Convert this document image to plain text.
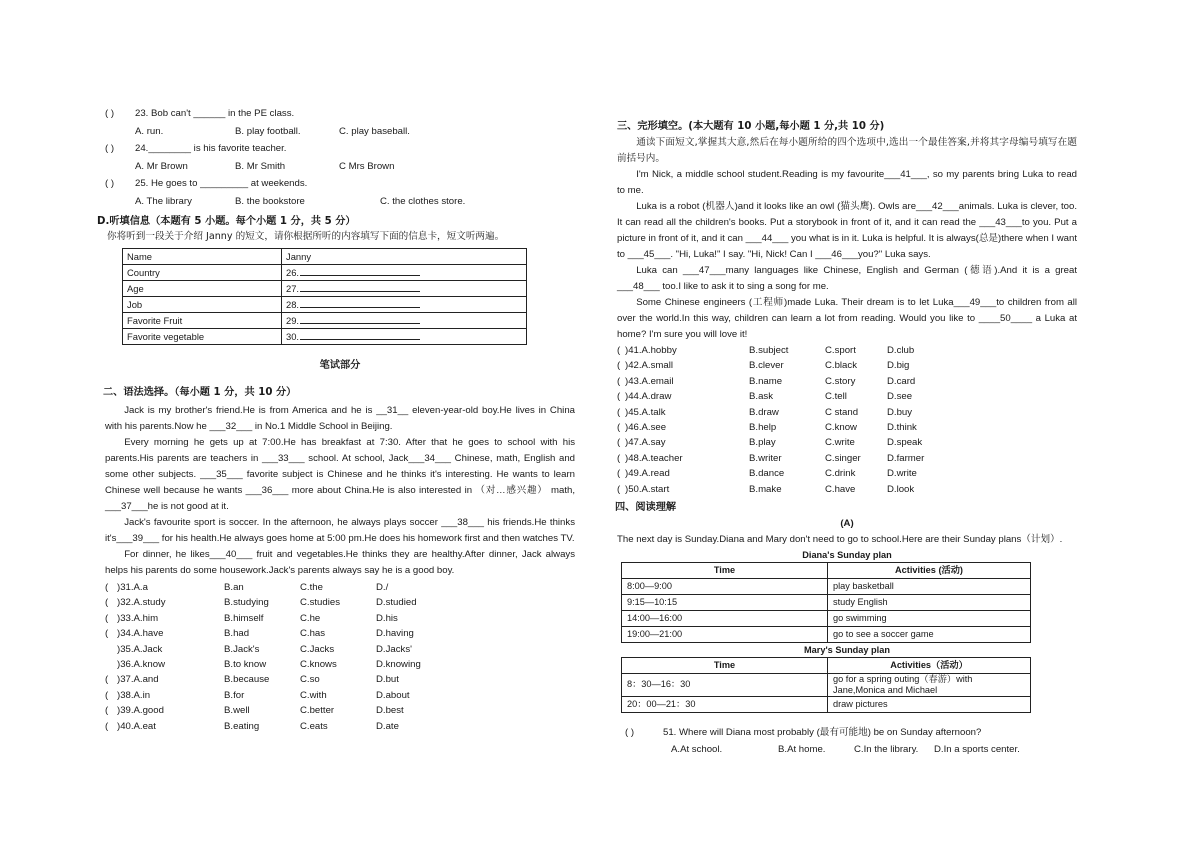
( )	23. Bob can't ______ in the PE class.
A. run.	B. play football.	C. play baseball.
( )	24.________ is his favorite teacher.
A. Mr Brown	B. Mr Smith	C Mrs Brown
( )	25. He goes to _________ at weekends.
A. The library	B. the bookstore	C. the clothes store.
D.听填信息（本题有 5 小题。每个小题 1 分，共 5 分）
你将听到一段关于介绍 Janny 的短文，请你根据所听的内容填写下面的信息卡，短文听两遍。
Name	Janny
Country	26.
Age	27.
Job	28.
Favorite Fruit	29.
Favorite vegetable	30.
笔试部分
二、语法选择。（每小题 1 分，共 10 分）

Jack is my brother's friend.He is from America and he is __31__ eleven-year-old boy.He lives in China with his parents.Now he ___32___ in No.1 Middle School in Beijing.

Every morning he gets up at 7:00.He has breakfast at 7:30. After that he goes to school with his parents.His parents are teachers in ___33___ school. At school, Jack___34___ Chinese, math, English and some other subjects. ___35___ favorite subject is Chinese and he thinks it's interesting. He wants to learn Chinese well because he wants ___36___ more about China.He is also interested in （对…感兴趣） math, ___37___he is not good at it.

Jack's favourite sport is soccer. In the afternoon, he always plays soccer ___38___ his friends.He thinks it's___39___ for his health.He always goes home at 5:00 pm.He does his homework first and then watches TV.

For dinner, he likes___40___ fruit and vegetables.He thinks they are healthy.After dinner, Jack always helps his parents do some housework.Jack's parents always say he is a good boy.

( )31.A.a	B.an	C.the	D./
( )32.A.study	B.studying	C.studies	D.studied
( )33.A.him	B.himself	C.he	D.his
( )34.A.have	B.had	C.has	D.having
)35.A.Jack	B.Jack's	C.Jacks	D.Jacks'
)36.A.know	B.to know	C.knows	D.knowing
( )37.A.and	B.because	C.so	D.but
( )38.A.in	B.for	C.with	D.about
( )39.A.good	B.well	C.better	D.best
( )40.A.eat	B.eating	C.eats	D.ate
三、完形填空。(本大题有 10 小题,每小题 1 分,共 10 分)

通读下面短文,掌握其大意,然后在每小题所给的四个选项中,选出一个最佳答案,并将其字母编号填写在题前括号内。

I'm Nick, a middle school student.Reading is my favourite___41___, so my parents bring Luka to read to me.

Luka is a robot (机器人)and it looks like an owl (猫头鹰). Owls are___42___animals. Luka is clever, too. It can read all the children's books. Put a storybook in front of it, and it can read the ___43___to you. Put a picture in front of it, and it can ___44___ you what is in it. Luka is helpful. It is always(总是)there when I want to ___45___. "Hi, Luka!" I say. "Hi, Nick! Can I ___46___you?" Luka says.

Luka can ___47___many languages like Chinese, English and German (德语).And it is a great ___48___ too.I like to ask it to sing a song for me.

Some Chinese engineers (工程师)made Luka. Their dream is to let Luka___49___to children from all over the world.In this way, children can learn a lot from reading. Would you like to ____50____ a Luka at home? I'm sure you will love it!

( )41.A.hobby	B.subject	C.sport	D.club
( )42.A.small	B.clever	C.black	D.big
( )43.A.email	B.name	C.story	D.card
( )44.A.draw	B.ask	C.tell	D.see
( )45.A.talk	B.draw	C stand	D.buy
( )46.A.see	B.help	C.know	D.think
( )47.A.say	B.play	C.write	D.speak
( )48.A.teacher	B.writer	C.singer	D.farmer
( )49.A.read	B.dance	C.drink	D.write
( )50.A.start	B.make	C.have	D.look
四、阅读理解
(A)
The next day is Sunday.Diana and Mary don't need to go to school.Here are their Sunday plans（计划）.
Diana's Sunday plan
Time	Activities (活动)
8:00—9:00	play basketball
9:15—10:15	study English
14:00—16:00	go swimming
19:00—21:00	go to see a soccer game
Mary's Sunday plan
Time	Activities（活动）
8：30—16：30	go for a spring outing（春游）with Jane,Monica and Michael
20：00—21：30	draw pictures
( )	51. Where will Diana most probably (最有可能地) be on Sunday afternoon?
A.At school.	B.At home.	C.In the library.	D.In a sports center.
